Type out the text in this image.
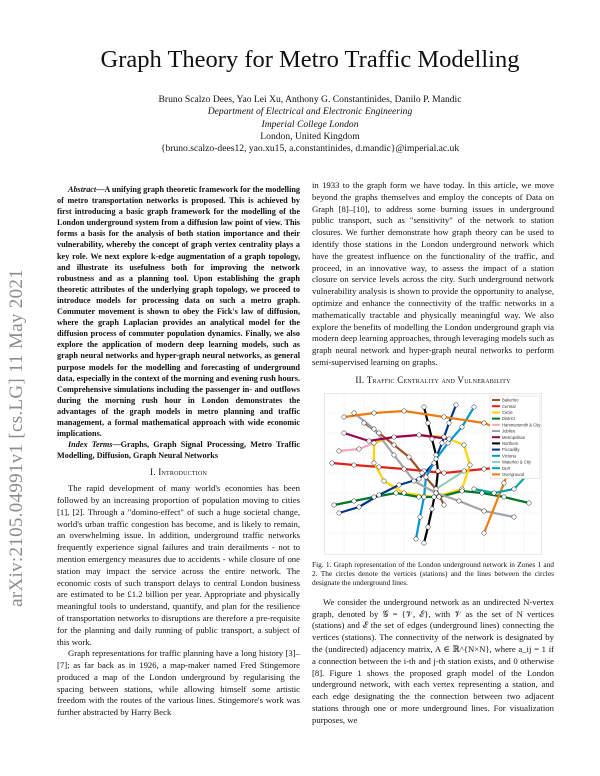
arXiv:2105.04991v1 [cs.LG] 11 May 2021
Graph Theory for Metro Traffic Modelling
Bruno Scalzo Dees, Yao Lei Xu, Anthony G. Constantinides, Danilo P. Mandic
Department of Electrical and Electronic Engineering
Imperial College London
London, United Kingdom
{bruno.scalzo-dees12, yao.xu15, a.constantinides, d.mandic}@imperial.ac.uk

Abstract—A unifying graph theoretic framework for the modelling of metro transportation networks is proposed. This is achieved by first introducing a basic graph framework for the modelling of the London underground system from a diffusion law point of view. This forms a basis for the analysis of both station importance and their vulnerability, whereby the concept of graph vertex centrality plays a key role. We next explore k-edge augmentation of a graph topology, and illustrate its usefulness both for improving the network robustness and as a planning tool. Upon establishing the graph theoretic attributes of the underlying graph topology, we proceed to introduce models for processing data on such a metro graph. Commuter movement is shown to obey the Fick's law of diffusion, where the graph Laplacian provides an analytical model for the diffusion process of commuter population dynamics. Finally, we also explore the application of modern deep learning models, such as graph neural networks and hyper-graph neural networks, as general purpose models for the modelling and forecasting of underground data, especially in the context of the morning and evening rush hours. Comprehensive simulations including the passenger in- and outflows during the morning rush hour in London demonstrates the advantages of the graph models in metro planning and traffic management, a formal mathematical approach with wide economic implications.

Index Terms—Graphs, Graph Signal Processing, Metro Traffic Modelling, Diffusion, Graph Neural Networks

I. Introduction

The rapid development of many world's economies has been followed by an increasing proportion of population moving to cities [1], [2]. Through a "domino-effect" of such a huge societal change, world's urban traffic congestion has become, and is likely to remain, an overwhelming issue. In addition, underground traffic networks frequently experience signal failures and train derailments - not to mention emergency measures due to accidents - while closure of one station may impact the service across the entire network. The economic costs of such transport delays to central London business are estimated to be £1.2 billion per year. Appropriate and physically meaningful tools to understand, quantify, and plan for the resilience of transportation networks to disruptions are therefore a pre-requisite for the planning and daily running of public transport, a subject of this work.

Graph representations for traffic planning have a long history [3]–[7]; as far back as in 1926, a map-maker named Fred Stingemore produced a map of the London underground by regularising the spacing between stations, while allowing himself some artistic freedom with the routes of the various lines. Stingemore's work was further abstracted by Harry Beck

in 1933 to the graph form we have today. In this article, we move beyond the graphs themselves and employ the concepts of Data on Graph [8]–[10], to address some burning issues in underground public transport, such as "sensitivity" of the network to station closures. We further demonstrate how graph theory can be used to identify those stations in the London underground network which have the greatest influence on the functionality of the traffic, and proceed, in an innovative way, to assess the impact of a station closure on service levels across the city. Such underground network vulnerability analysis is shown to provide the opportunity to analyse, optimize and enhance the connectivity of the traffic networks in a mathematically tractable and physically meaningful way. We also explore the benefits of modelling the London underground graph via modern deep learning approaches, through leveraging models such as graph neural network and hyper-graph neural networks to perform semi-supervised learning on graphs.

II. Traffic Centrality and Vulnerability
Bakerloo
Central
Circle
District
Hammersmith & City
Jubilee
Metropolitan
Northern
Piccadilly
Victoria
Waterloo & City
DLR
Overground

Fig. 1. Graph representation of the London underground network in Zones 1 and 2. The circles denote the vertices (stations) and the lines between the circles designate the underground lines.

We consider the underground network as an undirected N-vertex graph, denoted by 𝒢 = {𝒱, ℰ}, with 𝒱 as the set of N vertices (stations) and ℰ the set of edges (underground lines) connecting the vertices (stations). The connectivity of the network is designated by the (undirected) adjacency matrix, A ∈ ℝ^{N×N}, where a_ij = 1 if a connection between the i-th and j-th station exists, and 0 otherwise [8]. Figure 1 shows the proposed graph model of the London underground network, with each vertex representing a station, and each edge designating the the connection between two adjacent stations through one or more underground lines. For visualization purposes, we
